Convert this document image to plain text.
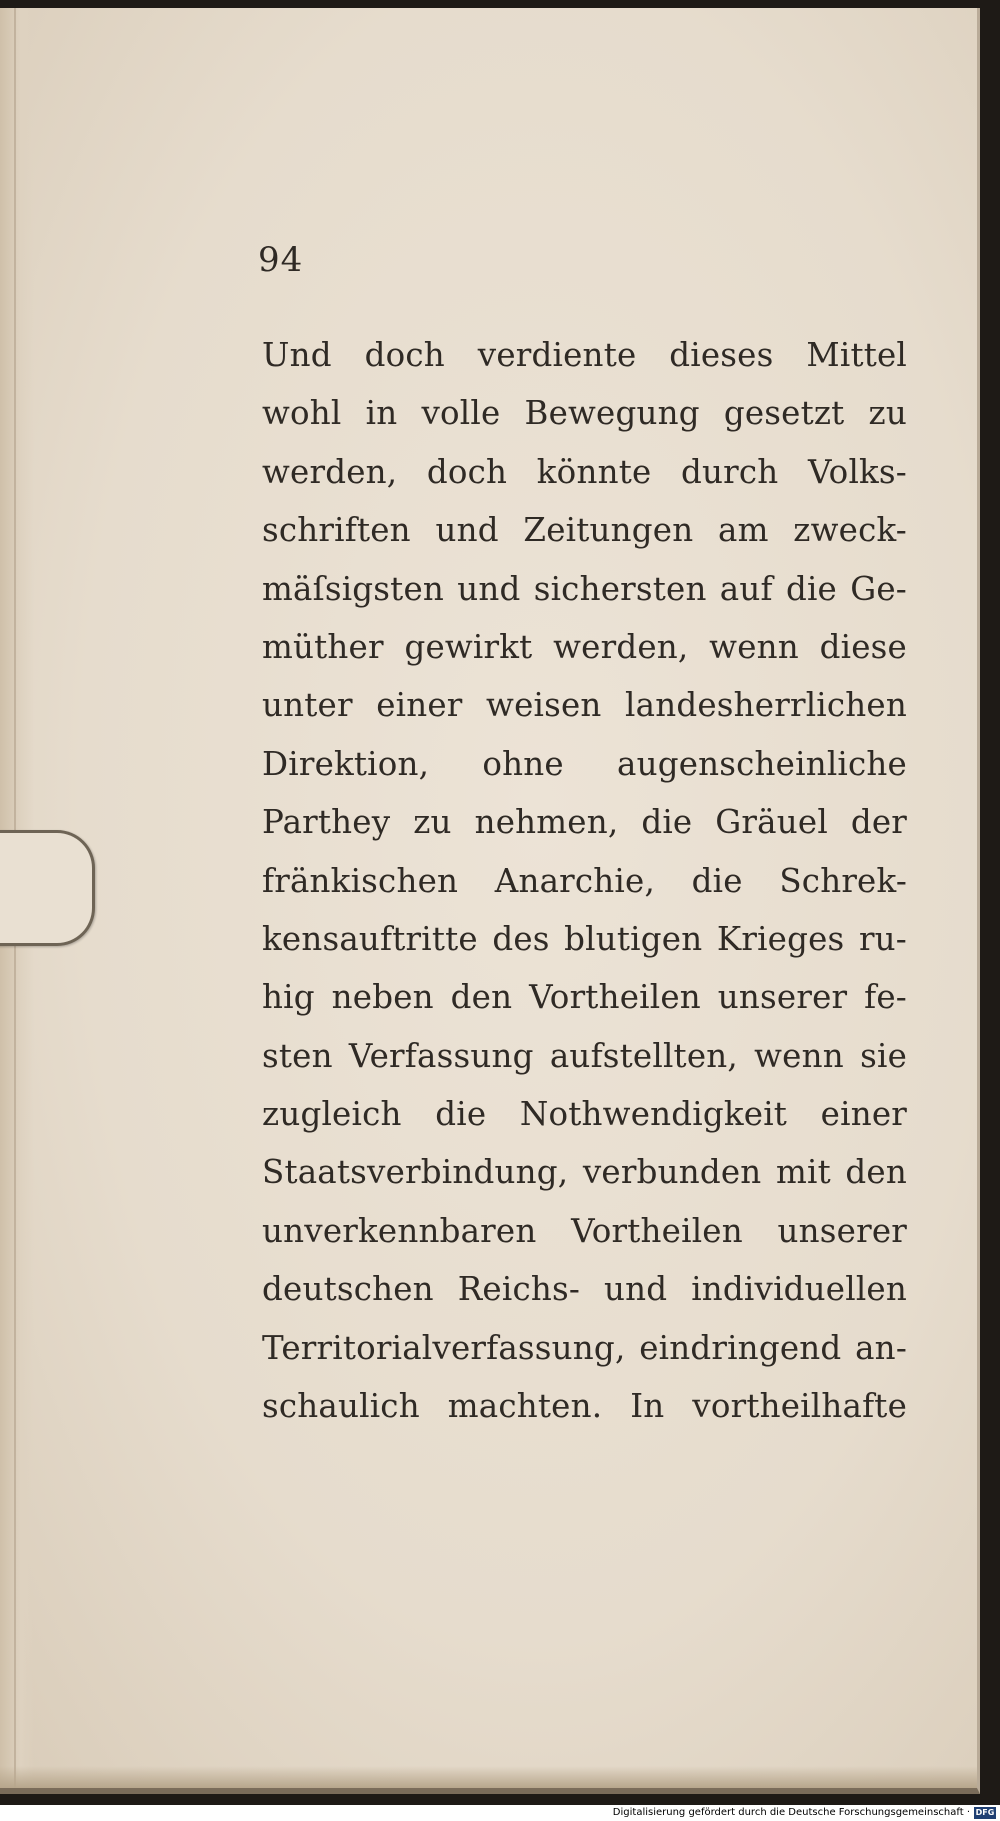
94
Und doch verdiente dieses Mittel
wohl in volle Bewegung gesetzt zu
werden, doch könnte durch Volks-
schriften und Zeitungen am zweck-
mäſsigsten und sichersten auf die Ge-
müther gewirkt werden, wenn diese
unter einer weisen landesherrlichen
Direktion, ohne augenscheinliche
Parthey zu nehmen, die Gräuel der
fränkischen Anarchie, die Schrek-
kensauftritte des blutigen Krieges ru-
hig neben den Vortheilen unserer fe-
sten Verfassung aufstellten, wenn sie
zugleich die Nothwendigkeit einer
Staatsverbindung, verbunden mit den
unverkennbaren Vortheilen unserer
deutschen Reichs- und individuellen
Territorialverfassung, eindringend an-
schaulich machten. In vortheilhafte
Digitalisierung gefördert durch die Deutsche Forschungsgemeinschaft · DFG
